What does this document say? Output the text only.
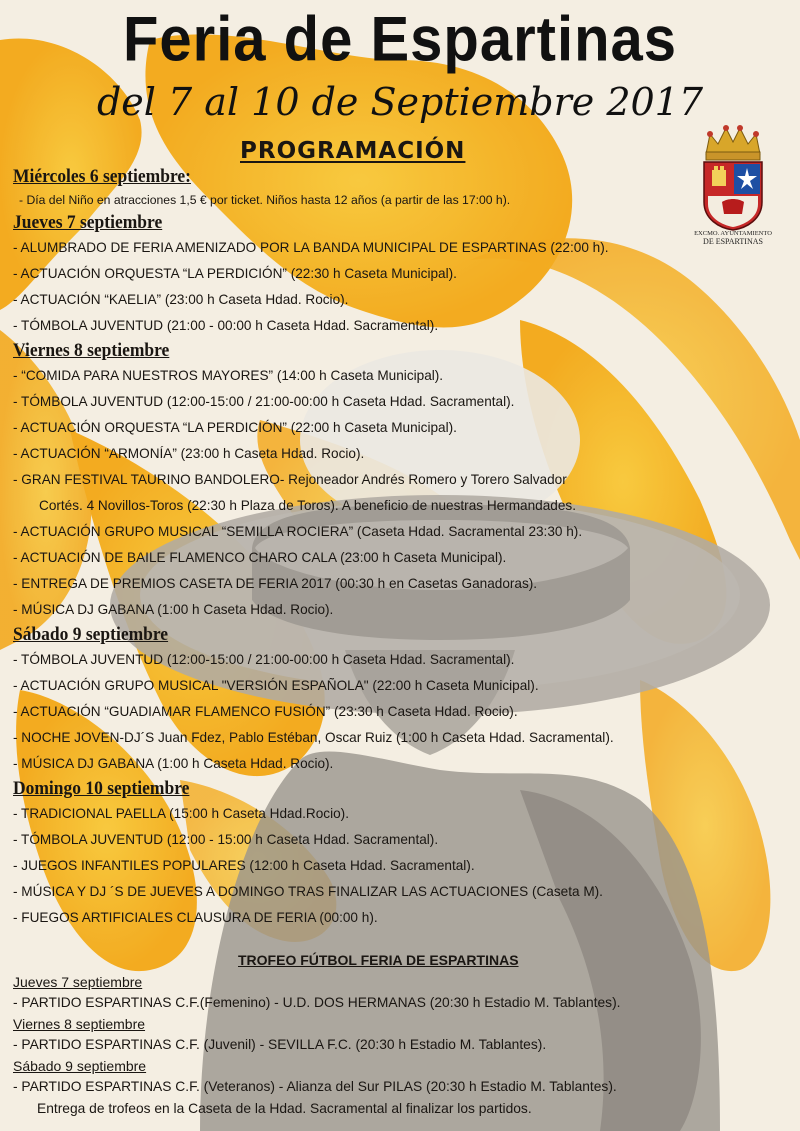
Feria de Espartinas
del 7 al 10 de Septiembre 2017
PROGRAMACIÓN
EXCMO. AYUNTAMIENTO
DE ESPARTINAS
Miércoles 6 septiembre:
- Día del Niño en atracciones 1,5 € por ticket. Niños hasta 12 años (a partir de las 17:00 h).
Jueves 7 septiembre
- ALUMBRADO DE FERIA AMENIZADO POR LA BANDA MUNICIPAL DE ESPARTINAS (22:00 h).
- ACTUACIÓN ORQUESTA “LA PERDICIÓN” (22:30 h Caseta Municipal).
- ACTUACIÓN “KAELIA” (23:00 h Caseta Hdad. Rocio).
- TÓMBOLA JUVENTUD (21:00 - 00:00 h Caseta Hdad. Sacramental).
Viernes 8 septiembre
- “COMIDA PARA NUESTROS MAYORES” (14:00 h Caseta Municipal).
- TÓMBOLA JUVENTUD (12:00-15:00 / 21:00-00:00 h Caseta Hdad. Sacramental).
- ACTUACIÓN ORQUESTA “LA PERDICIÓN” (22:00 h Caseta Municipal).
- ACTUACIÓN “ARMONÍA” (23:00 h Caseta Hdad. Rocio).
- GRAN FESTIVAL TAURINO BANDOLERO- Rejoneador Andrés Romero y Torero Salvador
Cortés. 4 Novillos-Toros (22:30 h Plaza de Toros). A beneficio de nuestras Hermandades.
- ACTUACIÓN GRUPO MUSICAL “SEMILLA ROCIERA” (Caseta Hdad. Sacramental 23:30 h).
- ACTUACIÓN DE BAILE FLAMENCO CHARO CALA (23:00 h Caseta Municipal).
- ENTREGA DE PREMIOS CASETA DE FERIA 2017 (00:30 h en Casetas Ganadoras).
- MÚSICA DJ GABANA (1:00 h Caseta Hdad. Rocio).
Sábado 9 septiembre
- TÓMBOLA JUVENTUD (12:00-15:00 / 21:00-00:00 h Caseta Hdad. Sacramental).
- ACTUACIÓN GRUPO MUSICAL "VERSIÓN ESPAÑOLA" (22:00 h Caseta Municipal).
- ACTUACIÓN “GUADIAMAR FLAMENCO FUSIÓN” (23:30 h Caseta Hdad. Rocio).
- NOCHE JOVEN-DJ´S Juan Fdez, Pablo Estéban, Oscar Ruiz (1:00 h Caseta Hdad. Sacramental).
- MÚSICA DJ GABANA (1:00 h Caseta Hdad. Rocio).
Domingo 10 septiembre
- TRADICIONAL PAELLA (15:00 h Caseta Hdad.Rocio).
- TÓMBOLA JUVENTUD (12:00 - 15:00 h Caseta Hdad. Sacramental).
- JUEGOS INFANTILES POPULARES (12:00 h Caseta Hdad. Sacramental).
- MÚSICA Y DJ ´S DE JUEVES A DOMINGO TRAS FINALIZAR LAS ACTUACIONES (Caseta M).
- FUEGOS ARTIFICIALES CLAUSURA DE FERIA (00:00 h).
TROFEO FÚTBOL FERIA DE ESPARTINAS
Jueves 7 septiembre
- PARTIDO ESPARTINAS C.F.(Femenino) - U.D. DOS HERMANAS (20:30 h Estadio M. Tablantes).
Viernes 8 septiembre
- PARTIDO ESPARTINAS C.F. (Juvenil) - SEVILLA F.C. (20:30 h Estadio M. Tablantes).
Sábado 9 septiembre
- PARTIDO ESPARTINAS C.F. (Veteranos) - Alianza del Sur PILAS (20:30 h Estadio M. Tablantes).
Entrega de trofeos en la Caseta de la Hdad. Sacramental al finalizar los partidos.
